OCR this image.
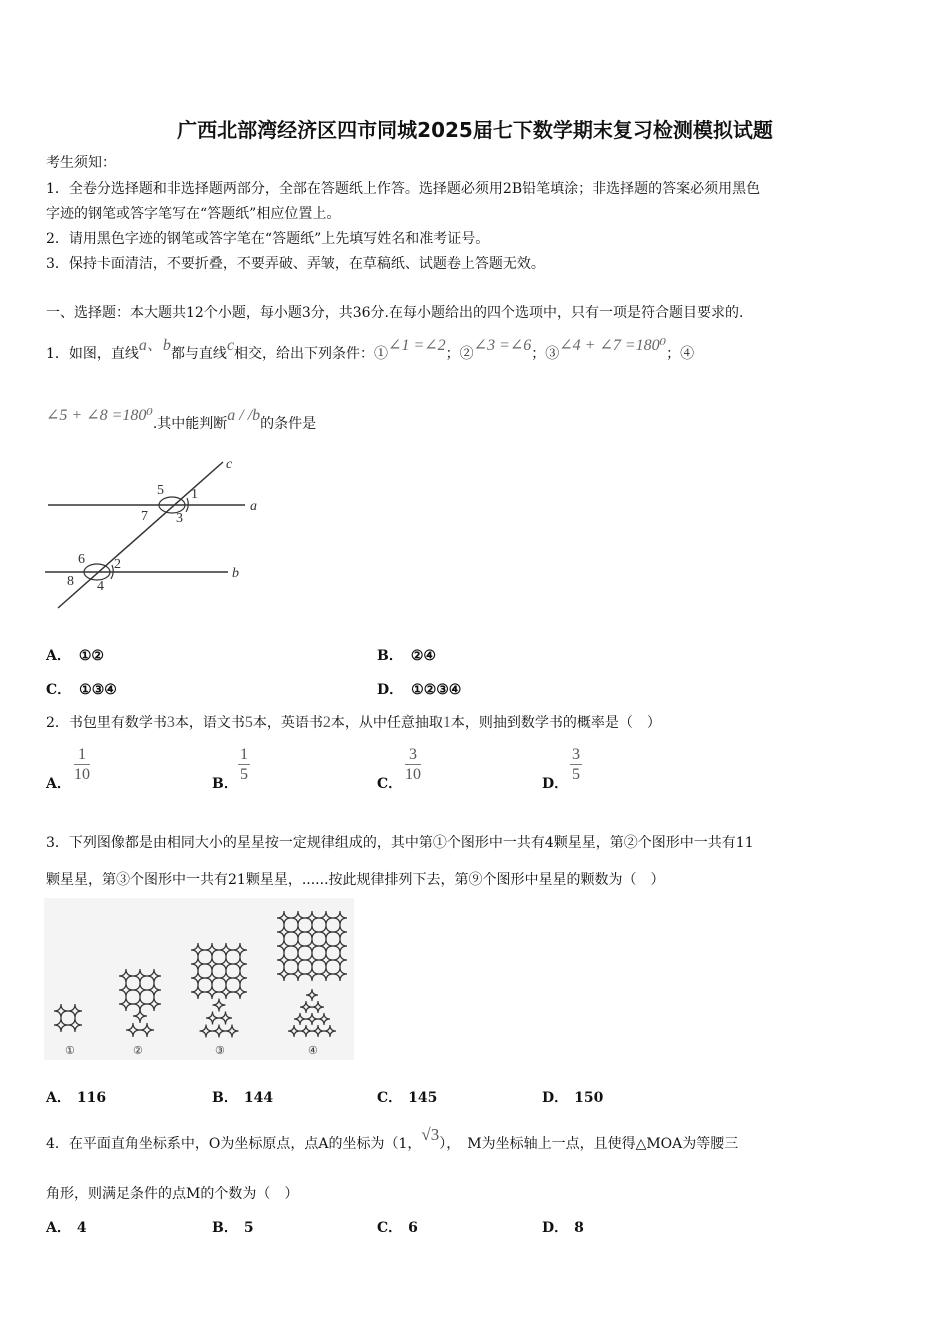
广西北部湾经济区四市同城2025届七下数学期末复习检测模拟试题
考生须知：
1．全卷分选择题和非选择题两部分，全部在答题纸上作答。选择题必须用2B铅笔填涂；非选择题的答案必须用黑色
字迹的钢笔或答字笔写在“答题纸”相应位置上。
2．请用黑色字迹的钢笔或答字笔在“答题纸”上先填写姓名和准考证号。
3．保持卡面清洁，不要折叠，不要弄破、弄皱，在草稿纸、试题卷上答题无效。
一、选择题：本大题共12个小题，每小题3分，共36分.在每小题给出的四个选项中，只有一项是符合题目要求的.
1．如图，直线a、b都与直线c相交，给出下列条件：①∠1 =∠2；②∠3 =∠6；③∠4 + ∠7 =180⁰；④
∠5 + ∠8 =180⁰.其中能判断a / /b的条件是
c
a
b
5 1
7 3
6 2
8 4
A． ①②	B． ②④
C． ①③④	D． ①②③④
2．书包里有数学书3本，语文书5本，英语书2本，从中任意抽取1本，则抽到数学书的概率是（　）
A． $\frac{1}{10}$	B． $\frac{1}{5}$	C． $\frac{3}{10}$	D． $\frac{3}{5}$
3．下列图像都是由相同大小的星星按一定规律组成的，其中第①个图形中一共有4颗星星，第②个图形中一共有11
颗星星，第③个图形中一共有21颗星星，......按此规律排列下去，第⑨个图形中星星的颗数为（　）
①	②	③	④
A． 116	B． 144	C． 145	D． 150
4．在平面直角坐标系中，O为坐标原点，点A的坐标为（1，√3），　M为坐标轴上一点，且使得△MOA为等腰三
角形，则满足条件的点M的个数为（　）
A． 4	B． 5	C． 6	D． 8
